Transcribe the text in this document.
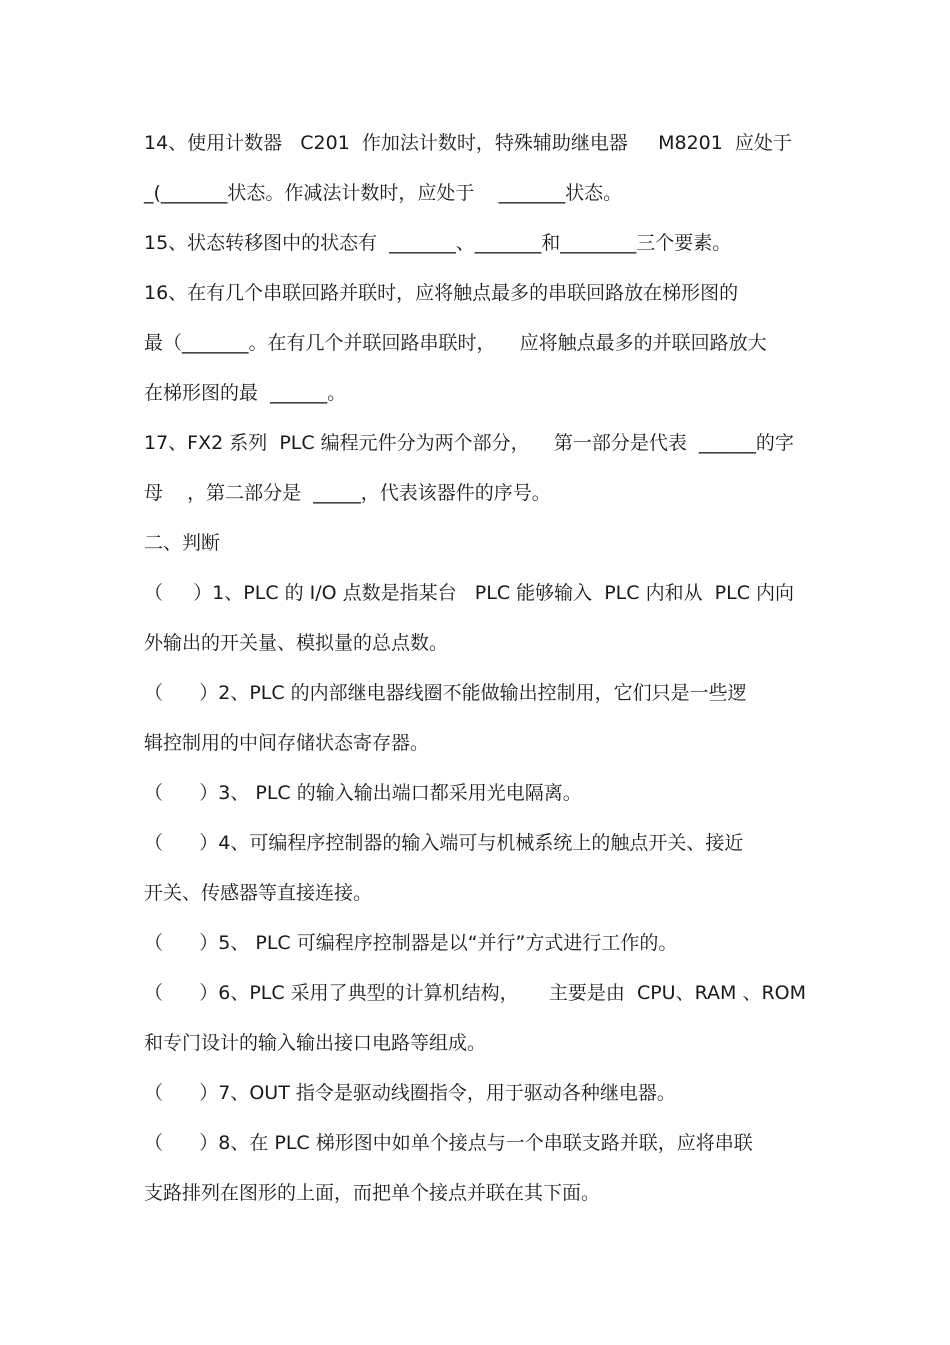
14、使用计数器   C201  作加法计数时，特殊辅助继电器     M8201  应处于
_(_______状态。作减法计数时，应处于    _______状态。
15、状态转移图中的状态有  _______、_______和________三个要素。
16、在有几个串联回路并联时，应将触点最多的串联回路放在梯形图的
最（_______。在有几个并联回路串联时，    应将触点最多的并联回路放大
在梯形图的最  ______。
17、FX2 系列  PLC 编程元件分为两个部分，    第一部分是代表  ______的字
母    ，第二部分是  _____，代表该器件的序号。
二、判断
（     ）1、PLC 的 I/O 点数是指某台   PLC 能够输入  PLC 内和从  PLC 内向
外输出的开关量、模拟量的总点数。
（      ）2、PLC 的内部继电器线圈不能做输出控制用，它们只是一些逻
辑控制用的中间存储状态寄存器。
（      ）3、 PLC 的输入输出端口都采用光电隔离。
（      ）4、可编程序控制器的输入端可与机械系统上的触点开关、接近
开关、传感器等直接连接。
（      ）5、 PLC 可编程序控制器是以“并行”方式进行工作的。
（      ）6、PLC 采用了典型的计算机结构，     主要是由  CPU、RAM 、ROM
和专门设计的输入输出接口电路等组成。
（      ）7、OUT 指令是驱动线圈指令，用于驱动各种继电器。
（      ）8、在 PLC 梯形图中如单个接点与一个串联支路并联，应将串联
支路排列在图形的上面，而把单个接点并联在其下面。
